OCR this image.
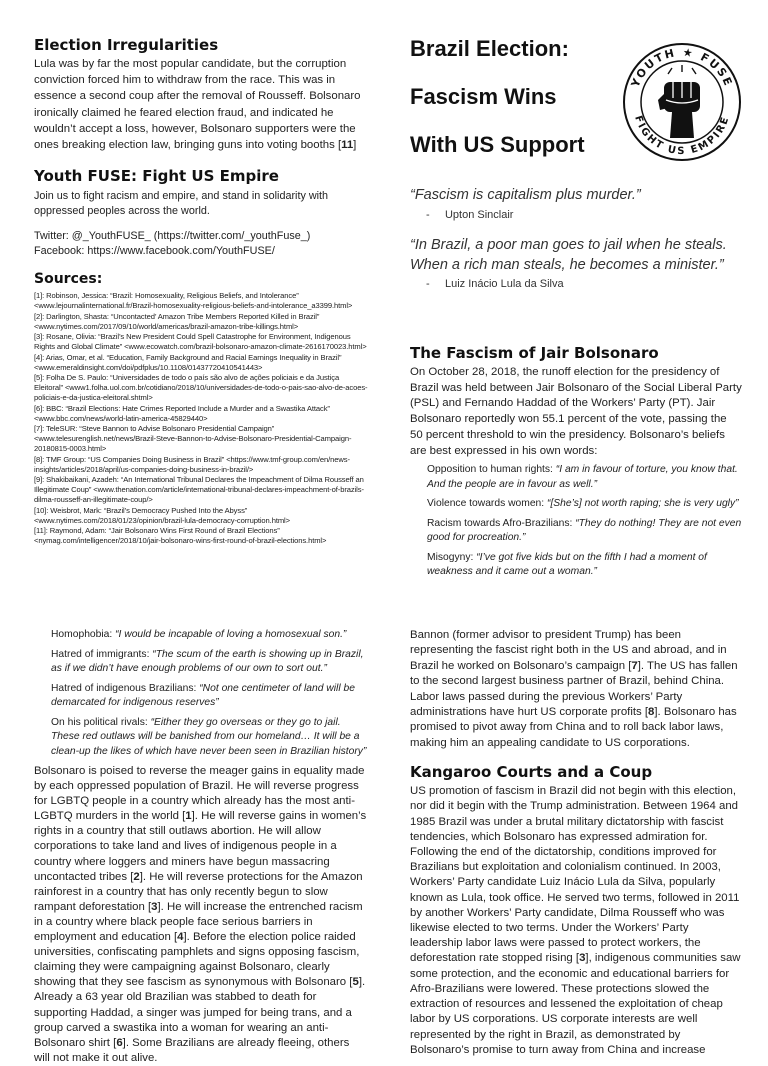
Election Irregularities

Lula was by far the most popular candidate, but the corruption conviction forced him to withdraw from the race. This was in essence a second coup after the removal of Rousseff. Bolsonaro ironically claimed he feared election fraud, and indicated he wouldn’t accept a loss, however, Bolsonaro supporters were the ones breaking election law, bringing guns into voting booths [11]

Youth FUSE: Fight US Empire

Join us to fight racism and empire, and stand in solidarity with oppressed peoples across the world.

Twitter: @_YouthFUSE_ (https://twitter.com/_youthFuse_)

Facebook: https://www.facebook.com/YouthFUSE/

Sources:

[1]: Robinson, Jessica: “Brazil: Homosexuality, Religious Beliefs, and Intolerance” <www.lejournalinternational.fr/Brazil-homosexuality-religious-beliefs-and-intolerance_a3399.html>

[2]: Darlington, Shasta: “Uncontacted’ Amazon Tribe Members Reported Killed in Brazil” <www.nytimes.com/2017/09/10/world/americas/brazil-amazon-tribe-killings.html>

[3]: Rosane, Olivia: “Brazil’s New President Could Spell Catastrophe for Environment, Indigenous Rights and Global Climate” <www.ecowatch.com/brazil-bolsonaro-amazon-climate-2616170023.html>

[4]: Arias, Omar, et al. “Education, Family Background and Racial Earnings Inequality in Brazil” <www.emeraldinsight.com/doi/pdfplus/10.1108/01437720410541443>

[5]: Folha De S. Paulo: “Universidades de todo o país são alvo de ações policiais e da Justiça Eleitoral” <www1.folha.uol.com.br/cotidiano/2018/10/universidades-de-todo-o-pais-sao-alvo-de-acoes-policiais-e-da-justica-eleitoral.shtml>

[6]: BBC: “Brazil Elections: Hate Crimes Reported Include a Murder and a Swastika Attack” <www.bbc.com/news/world-latin-america-45829440>

[7]: TeleSUR: “Steve Bannon to Advise Bolsonaro Presidential Campaign” <www.telesurenglish.net/news/Brazil-Steve-Bannon-to-Advise-Bolsonaro-Presidential-Campaign-20180815-0003.html>

[8]: TMF Group: “US Companies Doing Business in Brazil” <https://www.tmf-group.com/en/news-insights/articles/2018/april/us-companies-doing-business-in-brazil/>

[9]: Shakibaikani, Azadeh: “An International Tribunal Declares the Impeachment of Dilma Rousseff an Illegitimate Coup” <www.thenation.com/article/international-tribunal-declares-impeachment-of-brazils-dilma-rousseff-an-illegitimate-coup/>

[10]: Weisbrot, Mark: “Brazil’s Democracy Pushed Into the Abyss” <www.nytimes.com/2018/01/23/opinion/brazil-lula-democracy-corruption.html>

[11]: Raymond, Adam: “Jair Bolsonaro Wins First Round of Brazil Elections” <nymag.com/intelligencer/2018/10/jair-bolsonaro-wins-first-round-of-brazil-elections.html>

Brazil Election:
Fascism Wins
With US Support
YOUTH ★ FUSE
FIGHT US EMPIRE

“Fascism is capitalism plus murder.”

-     Upton Sinclair

“In Brazil, a poor man goes to jail when he steals. When a rich man steals, he becomes a minister.”

-     Luiz Inácio Lula da Silva

The Fascism of Jair Bolsonaro

On October 28, 2018, the runoff election for the presidency of Brazil was held between Jair Bolsonaro of the Social Liberal Party (PSL) and Fernando Haddad of the Workers’ Party (PT). Jair Bolsonaro reportedly won 55.1 percent of the vote, passing the 50 percent threshold to win the presidency. Bolsonaro’s beliefs are best expressed in his own words:

Opposition to human rights: “I am in favour of torture, you know that. And the people are in favour as well.”

Violence towards women: “[She’s] not worth raping; she is very ugly”

Racism towards Afro-Brazilians: “They do nothing! They are not even good for procreation.”

Misogyny: “I’ve got five kids but on the fifth I had a moment of weakness and it came out a woman.”

Homophobia: “I would be incapable of loving a homosexual son.”

Hatred of immigrants: “The scum of the earth is showing up in Brazil, as if we didn’t have enough problems of our own to sort out.”

Hatred of indigenous Brazilians: “Not one centimeter of land will be demarcated for indigenous reserves”

On his political rivals: “Either they go overseas or they go to jail. These red outlaws will be banished from our homeland… It will be a clean-up the likes of which have never been seen in Brazilian history”

Bolsonaro is poised to reverse the meager gains in equality made by each oppressed population of Brazil. He will reverse progress for LGBTQ people in a country which already has the most anti-LGBTQ murders in the world [1]. He will reverse gains in women’s rights in a country that still outlaws abortion. He will allow corporations to take land and lives of indigenous people in a country where loggers and miners have begun massacring uncontacted tribes [2]. He will reverse protections for the Amazon rainforest in a country that has only recently begun to slow rampant deforestation [3]. He will increase the entrenched racism in a country where black people face serious barriers in employment and education [4]. Before the election police raided universities, confiscating pamphlets and signs opposing fascism, claiming they were campaigning against Bolsonaro, clearly showing that they see fascism as synonymous with Bolsonaro [5]. Already a 63 year old Brazilian was stabbed to death for supporting Haddad, a singer was jumped for being trans, and a group carved a swastika into a woman for wearing an anti-Bolsonaro shirt [6]. Some Brazilians are already fleeing, others will not make it out alive.

Bannon (former advisor to president Trump) has been representing the fascist right both in the US and abroad, and in Brazil he worked on Bolsonaro’s campaign [7]. The US has fallen to the second largest business partner of Brazil, behind China. Labor laws passed during the previous Workers’ Party administrations have hurt US corporate profits [8]. Bolsonaro has promised to pivot away from China and to roll back labor laws, making him an appealing candidate to US corporations.

Kangaroo Courts and a Coup

US promotion of fascism in Brazil did not begin with this election, nor did it begin with the Trump administration. Between 1964 and 1985 Brazil was under a brutal military dictatorship with fascist tendencies, which Bolsonaro has expressed admiration for. Following the end of the dictatorship, conditions improved for Brazilians but exploitation and colonialism continued. In 2003, Workers’ Party candidate Luiz Inácio Lula da Silva, popularly known as Lula, took office. He served two terms, followed in 2011 by another Workers’ Party candidate, Dilma Rousseff who was likewise elected to two terms. Under the Workers’ Party leadership labor laws were passed to protect workers, the deforestation rate stopped rising [3], indigenous communities saw some protection, and the economic and educational barriers for Afro-Brazilians were lowered. These protections slowed the extraction of resources and lessened the exploitation of cheap labor by US corporations. US corporate interests are well represented by the right in Brazil, as demonstrated by Bolsonaro’s promise to turn away from China and increase
